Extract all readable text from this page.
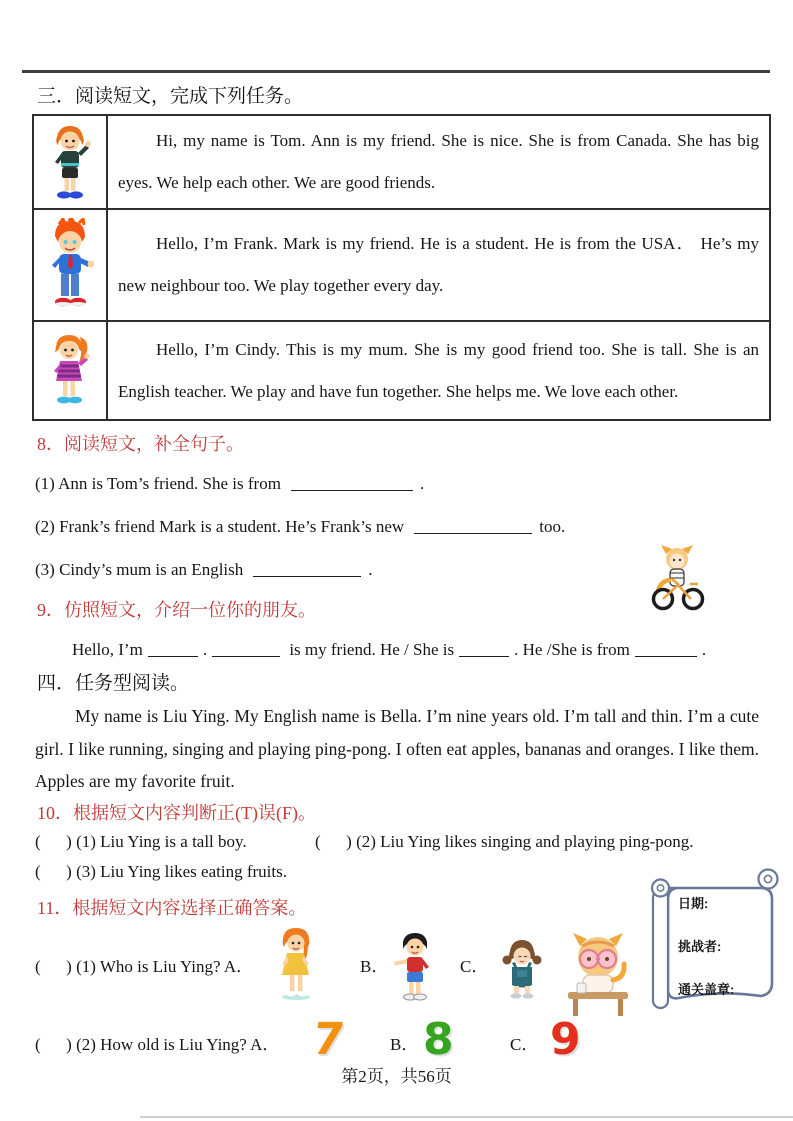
三．阅读短文，完成下列任务。

Hi, my name is Tom. Ann is my friend. She is nice. She is from Canada. She has big eyes. We help each other. We are good friends.

Hello, I’m Frank. Mark is my friend. He is a student. He is from the USA． He’s my new neighbour too. We play together every day.

Hello, I’m Cindy. This is my mum. She is my good friend too. She is tall. She is an English teacher. We play and have fun together. She helps me. We love each other.

8．阅读短文，补全句子。
(1) Ann is Tom’s friend. She is from	.
(2) Frank’s friend Mark is a student. He’s Frank’s new	too.
(3) Cindy’s mum is an English	.
9．仿照短文，介绍一位你的朋友。
Hello, I’m	.	is my friend. He / She is	. He /She is from	.
四．任务型阅读。
My name is Liu Ying. My English name is Bella. I’m nine years old. I’m tall and thin. I’m a cute girl. I like running, singing and playing ping-pong. I often eat apples, bananas and oranges. I like them. Apples are my favorite fruit.
10．根据短文内容判断正(T)误(F)。
(      ) (1) Liu Ying is a tall boy.	(      ) (2) Liu Ying likes singing and playing ping-pong.
(      ) (3) Liu Ying likes eating fruits.
11．根据短文内容选择正确答案。
(      ) (1) Who is Liu Ying? A．	B．	C．
日期:
挑战者:
通关盖章:
(      ) (2) How old is Liu Ying? A． 7	B． 8	C． 9
第2页，共56页
